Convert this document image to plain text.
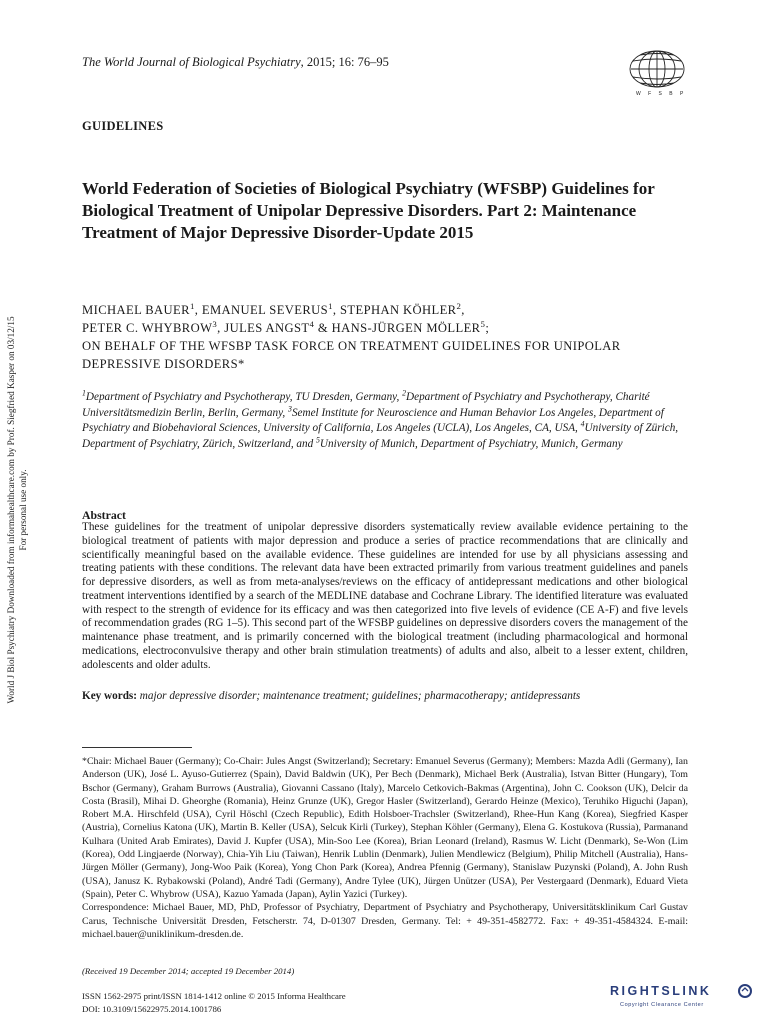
World J Biol Psychiatry Downloaded from informahealthcare.com by Prof. Siegfried Kasper on 03/12/15 For personal use only.
The World Journal of Biological Psychiatry, 2015; 16: 76–95
W F S B P
GUIDELINES
World Federation of Societies of Biological Psychiatry (WFSBP) Guidelines for Biological Treatment of Unipolar Depressive Disorders. Part 2: Maintenance Treatment of Major Depressive Disorder-Update 2015
MICHAEL BAUER$^1$, EMANUEL SEVERUS$^1$, STEPHAN KÖHLER$^2$,
PETER C. WHYBROW$^3$, JULES ANGST$^4$ & HANS-JÜRGEN MÖLLER$^5$;
ON BEHALF OF THE WFSBP TASK FORCE ON TREATMENT GUIDELINES FOR UNIPOLAR DEPRESSIVE DISORDERS*
$^1$Department of Psychiatry and Psychotherapy, TU Dresden, Germany, $^2$Department of Psychiatry and Psychotherapy, Charité Universitätsmedizin Berlin, Berlin, Germany, $^3$Semel Institute for Neuroscience and Human Behavior Los Angeles, Department of Psychiatry and Biobehavioral Sciences, University of California, Los Angeles (UCLA), Los Angeles, CA, USA, $^4$University of Zürich, Department of Psychiatry, Zürich, Switzerland, and $^5$University of Munich, Department of Psychiatry, Munich, Germany
Abstract
These guidelines for the treatment of unipolar depressive disorders systematically review available evidence pertaining to the biological treatment of patients with major depression and produce a series of practice recommendations that are clinically and scientifically meaningful based on the available evidence. These guidelines are intended for use by all physicians assessing and treating patients with these conditions. The relevant data have been extracted primarily from various treatment guidelines and panels for depressive disorders, as well as from meta-analyses/reviews on the efficacy of antidepressant medications and other biological treatment interventions identified by a search of the MEDLINE database and Cochrane Library. The identified literature was evaluated with respect to the strength of evidence for its efficacy and was then categorized into five levels of evidence (CE A-F) and five levels of recommendation grades (RG 1–5). This second part of the WFSBP guidelines on depressive disorders covers the management of the maintenance phase treatment, and is primarily concerned with the biological treatment (including pharmacological and hormonal medications, electroconvulsive therapy and other brain stimulation treatments) of adults and also, albeit to a lesser extent, children, adolescents and older adults.
Key words: major depressive disorder; maintenance treatment; guidelines; pharmacotherapy; antidepressants
*Chair: Michael Bauer (Germany); Co-Chair: Jules Angst (Switzerland); Secretary: Emanuel Severus (Germany); Members: Mazda Adli (Germany), Ian Anderson (UK), José L. Ayuso-Gutierrez (Spain), David Baldwin (UK), Per Bech (Denmark), Michael Berk (Australia), Istvan Bitter (Hungary), Tom Bschor (Germany), Graham Burrows (Australia), Giovanni Cassano (Italy), Marcelo Cetkovich-Bakmas (Argentina), John C. Cookson (UK), Delcir da Costa (Brasil), Mihai D. Gheorghe (Romania), Heinz Grunze (UK), Gregor Hasler (Switzerland), Gerardo Heinze (Mexico), Teruhiko Higuchi (Japan), Robert M.A. Hirschfeld (USA), Cyril Höschl (Czech Republic), Edith Holsboer-Trachsler (Switzerland), Rhee-Hun Kang (Korea), Siegfried Kasper (Austria), Cornelius Katona (UK), Martin B. Keller (USA), Selcuk Kirli (Turkey), Stephan Köhler (Germany), Elena G. Kostukova (Russia), Parmanand Kulhara (United Arab Emirates), David J. Kupfer (USA), Min-Soo Lee (Korea), Brian Leonard (Ireland), Rasmus W. Licht (Denmark), Se-Won (Lim (Korea), Odd Lingjaerde (Norway), Chia-Yih Liu (Taiwan), Henrik Lublin (Denmark), Julien Mendlewicz (Belgium), Philip Mitchell (Australia), Hans-Jürgen Möller (Germany), Jong-Woo Paik (Korea), Yong Chon Park (Korea), Andrea Pfennig (Germany), Stanislaw Puzynski (Poland), A. John Rush (USA), Janusz K. Rybakowski (Poland), André Tadi (Germany), Andre Tylee (UK), Jürgen Unützer (USA), Per Vestergaard (Denmark), Eduard Vieta (Spain), Peter C. Whybrow (USA), Kazuo Yamada (Japan), Aylin Yazici (Turkey).
Correspondence: Michael Bauer, MD, PhD, Professor of Psychiatry, Department of Psychiatry and Psychotherapy, Universitätsklinikum Carl Gustav Carus, Technische Universität Dresden, Fetscherstr. 74, D-01307 Dresden, Germany. Tel: + 49-351-4582772. Fax: + 49-351-4584324. E-mail: michael.bauer@uniklinikum-dresden.de.
(Received 19 December 2014; accepted 19 December 2014)
ISSN 1562-2975 print/ISSN 1814-1412 online © 2015 Informa Healthcare
DOI: 10.3109/15622975.2014.1001786
RIGHTSLINK
Copyright Clearance Center
